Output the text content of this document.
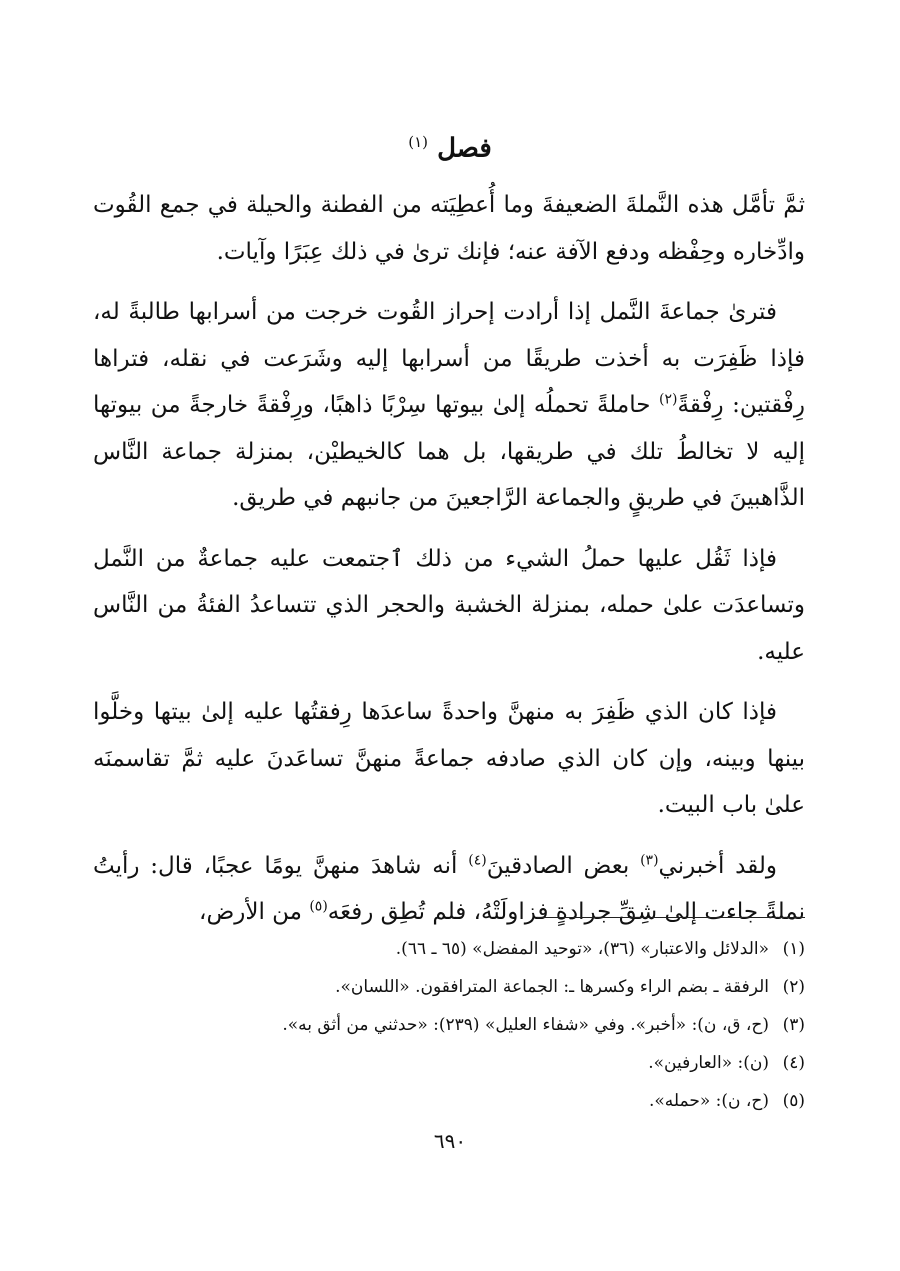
فصل $^{(١)}$

ثمَّ تأمَّل هذه النَّملةَ الضعيفةَ وما أُعطِيَته من الفطنة والحيلة في جمع القُوت وادِّخاره وحِفْظه ودفع الآفة عنه؛ فإنك ترىٰ في ذلك عِبَرًا وآيات.

فترىٰ جماعةَ النَّمل إذا أرادت إحراز القُوت خرجت من أسرابها طالبةً له، فإذا ظَفِرَت به أخذت طريقًا من أسرابها إليه وشَرَعت في نقله، فتراها رِفْقتين: رِفْقةً$^{(٢)}$ حاملةً تحملُه إلىٰ بيوتها سِرْبًا ذاهبًا، ورِفْقةً خارجةً من بيوتها إليه لا تخالطُ تلك في طريقها، بل هما كالخيطيْن، بمنزلة جماعة النَّاس الذَّاهبينَ في طريقٍ والجماعة الرَّاجعينَ من جانبهم في طريق.

فإذا ثَقُل عليها حملُ الشيء من ذلك ٱجتمعت عليه جماعةٌ من النَّمل وتساعدَت علىٰ حمله، بمنزلة الخشبة والحجر الذي تتساعدُ الفئةُ من النَّاس عليه.

فإذا كان الذي ظَفِرَ به منهنَّ واحدةً ساعدَها رِفقتُها عليه إلىٰ بيتها وخلَّوا بينها وبينه، وإن كان الذي صادفه جماعةً منهنَّ تساعَدنَ عليه ثمَّ تقاسمنَه علىٰ باب البيت.

ولقد أخبرني$^{(٣)}$ بعض الصادقينَ$^{(٤)}$ أنه شاهدَ منهنَّ يومًا عجبًا، قال: رأيتُ نملةً جاءت إلىٰ شِقِّ جرادةٍ فزاولَتْهُ، فلم تُطِق رفعَه$^{(٥)}$ من الأرض،

(١)«الدلائل والاعتبار» (٣٦)، «توحيد المفضل» (٦٥ ـ ٦٦).
(٢)الرفقة ـ بضم الراء وكسرها ـ: الجماعة المترافقون. «اللسان».
(٣)(ح، ق، ن): «أخبر». وفي «شفاء العليل» (٢٣٩): «حدثني من أثق به».
(٤)(ن): «العارفين».
(٥)(ح، ن): «حمله».
٦٩٠
